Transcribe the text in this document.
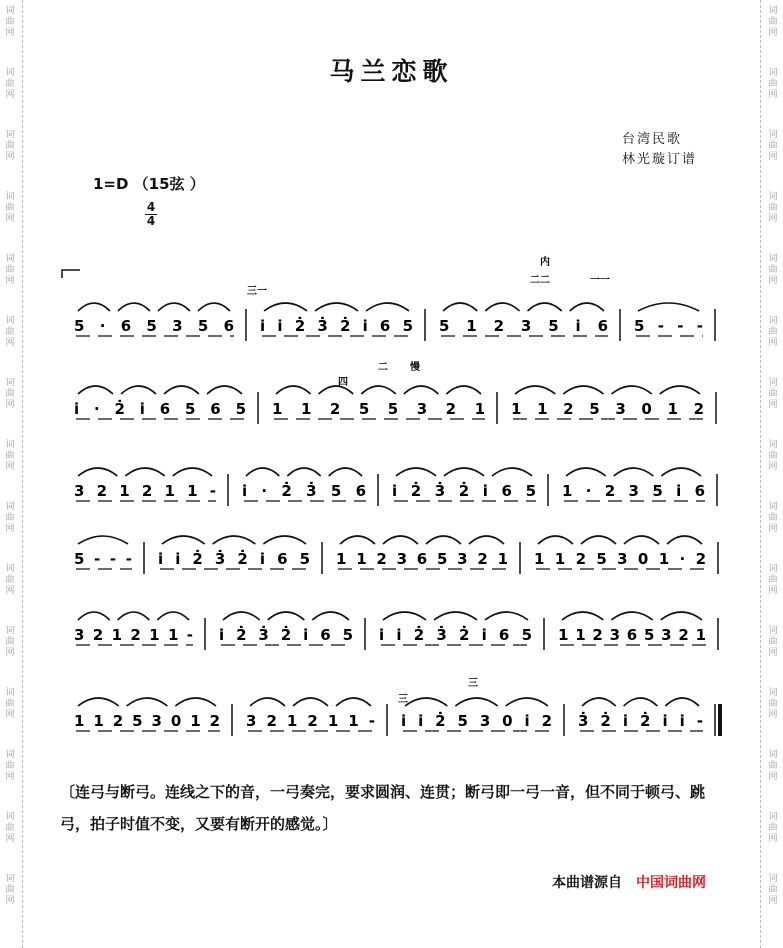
词
曲
网
词
曲
网
词
曲
网
词
曲
网
词
曲
网
词
曲
网
词
曲
网
词
曲
网
词
曲
网
词
曲
网
词
曲
网
词
曲
网
词
曲
网
词
曲
网
词
曲
网
词
曲
网
词
曲
网
词
曲
网
词
曲
网
词
曲
网
词
曲
网
词
曲
网
词
曲
网
词
曲
网
词
曲
网
词
曲
网
词
曲
网
词
曲
网
词
曲
网
词
曲
网
马兰恋歌
台湾民歌
林光璇订谱
1=D （15弦 ）
4
4
5 · 6 5 3 5 6 i i 2̇ 3̇ 2̇ i 6 5 5 1 2 3 5 i 6 5 - - -
i · 2̇ i 6 5 6 5 1 1 2 5 5 3 2 1 1 1 2 5 3 0 1 2
3 2 1 2 1 1 - i · 2̇ 3̇ 5 6 i 2̇ 3̇ 2̇ i 6 5 1 · 2 3 5 i 6
5 - - - i i 2̇ 3̇ 2̇ i 6 5 1 1 2 3 6 5 3 2 1 1 1 2 5 3 0 1 · 2
3 2 1 2 1 1 - i 2̇ 3̇ 2̇ i 6 5 i i 2̇ 3̇ 2̇ i 6 5 1 1 2 3 6 5 3 2 1
1 1 2 5 3 0 1 2 3 2 1 2 1 1 - i i 2̇ 5 3 0 i 2 3̇ 2̇ i 2̇ i i -
内
二二	一一
三一
四
二 慢
三
三
〔连弓与断弓。连线之下的音，一弓奏完，要求圆润、连贯；断弓即一弓一音，但不同于顿弓、跳弓，拍子时值不变，又要有断开的感觉。〕
本曲谱源自 中国词曲网
